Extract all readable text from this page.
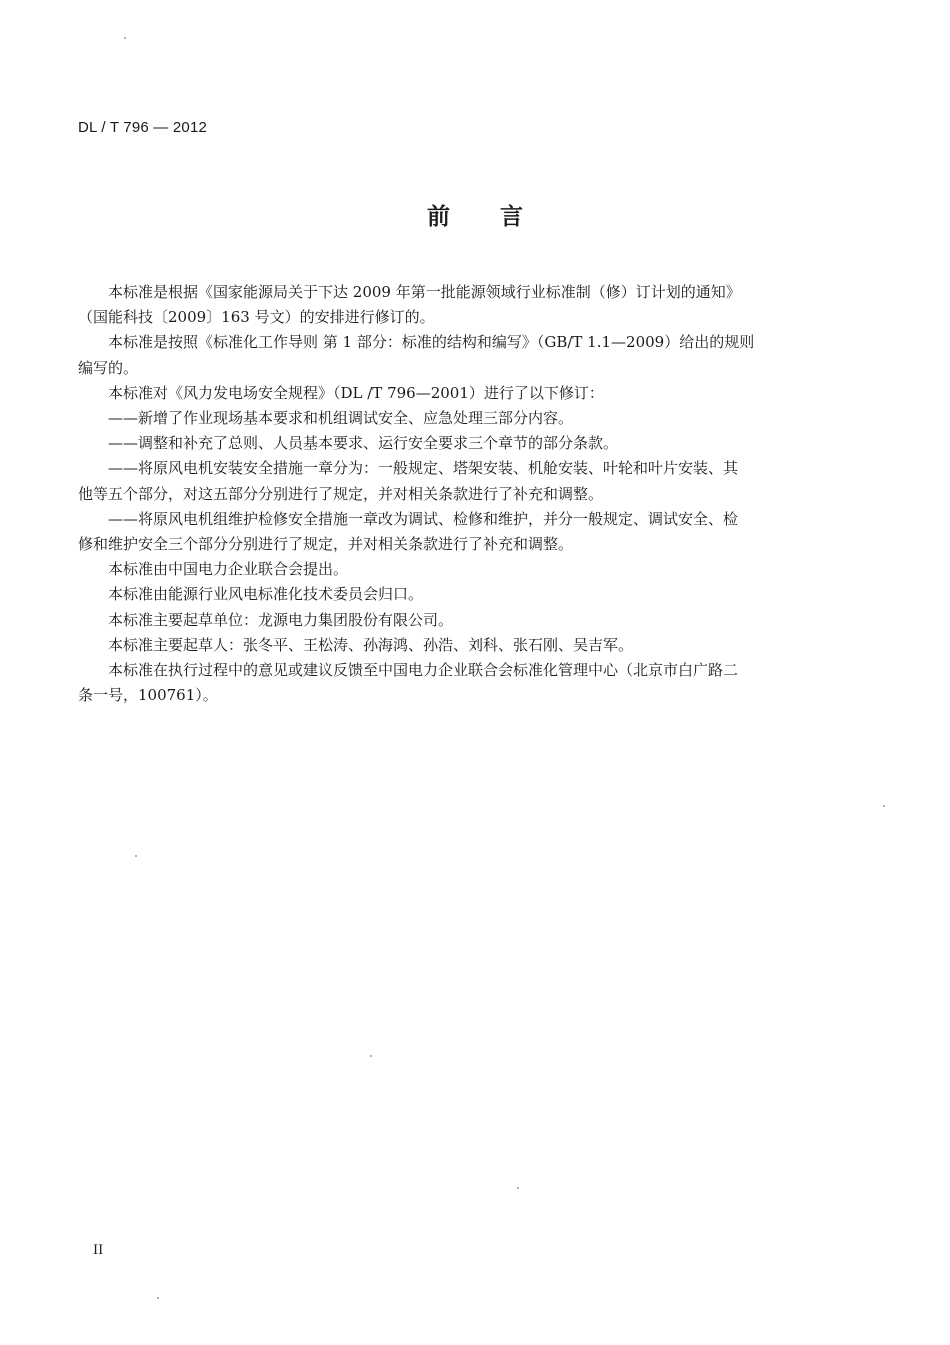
DL / T 796 — 2012
前言

本标准是根据《国家能源局关于下达 2009 年第一批能源领域行业标准制（修）订计划的通知》
（国能科技〔2009〕163 号文）的安排进行修订的。

本标准是按照《标准化工作导则 第 1 部分：标准的结构和编写》（GB/T 1.1—2009）给出的规则
编写的。

本标准对《风力发电场安全规程》（DL /T 796—2001）进行了以下修订：

——新增了作业现场基本要求和机组调试安全、应急处理三部分内容。

——调整和补充了总则、人员基本要求、运行安全要求三个章节的部分条款。

——将原风电机安装安全措施一章分为：一般规定、塔架安装、机舱安装、叶轮和叶片安装、其
他等五个部分，对这五部分分别进行了规定，并对相关条款进行了补充和调整。

——将原风电机组维护检修安全措施一章改为调试、检修和维护，并分一般规定、调试安全、检
修和维护安全三个部分分别进行了规定，并对相关条款进行了补充和调整。

本标准由中国电力企业联合会提出。

本标准由能源行业风电标准化技术委员会归口。

本标准主要起草单位：龙源电力集团股份有限公司。

本标准主要起草人：张冬平、王松涛、孙海鸿、孙浩、刘科、张石刚、吴吉军。

本标准在执行过程中的意见或建议反馈至中国电力企业联合会标准化管理中心（北京市白广路二
条一号，100761）。

II
